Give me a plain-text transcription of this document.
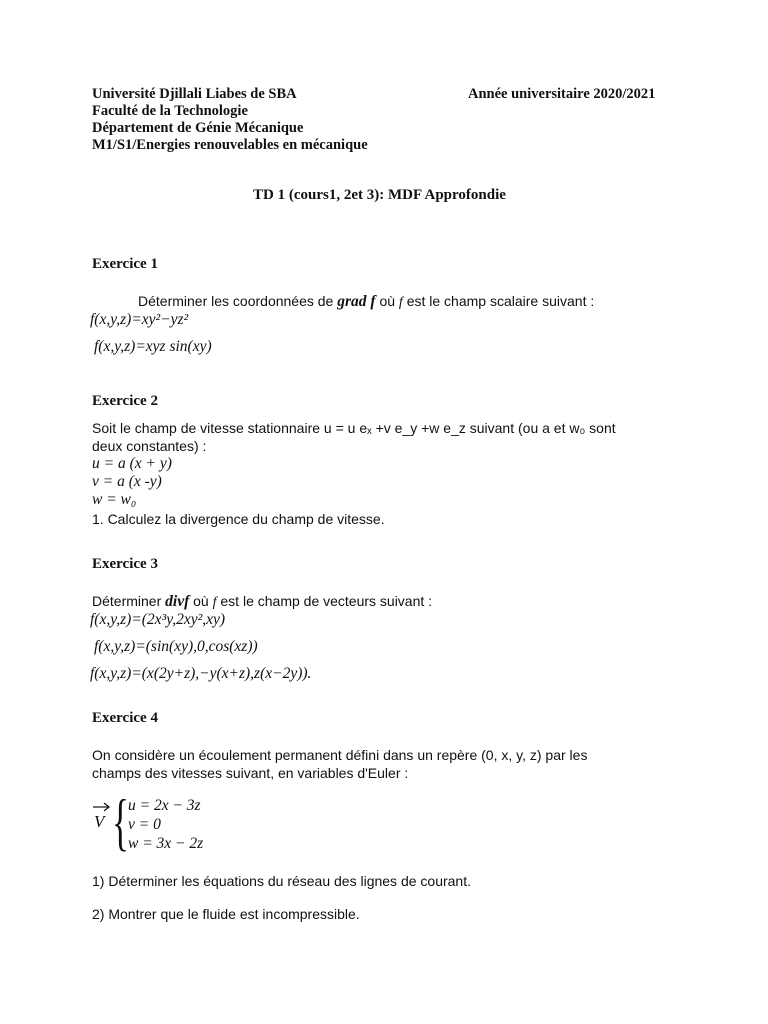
Université Djillali Liabes de SBA	Année universitaire 2020/2021
Faculté de la Technologie
Département de Génie Mécanique
M1/S1/Energies renouvelables en mécanique
TD 1 (cours1, 2et 3): MDF Approfondie
Exercice 1
Déterminer les coordonnées de grad f où f est le champ scalaire suivant :
f(x,y,z)=xy²−yz²
f(x,y,z)=xyz sin(xy)
Exercice 2
Soit le champ de vitesse stationnaire u = u eₓ +v e_y +w e_z suivant (ou a et w₀ sont
deux constantes) :
u = a (x + y)
v = a (x -y)
w = w₀
1. Calculez la divergence du champ de vitesse.
Exercice 3
Déterminer divf où f est le champ de vecteurs suivant :
f(x,y,z)=(2x³y,2xy²,xy)
f(x,y,z)=(sin(xy),0,cos(xz))
f(x,y,z)=(x(2y+z),−y(x+z),z(x−2y)).
Exercice 4
On considère un écoulement permanent défini dans un repère (0, x, y, z) par les
champs des vitesses suivant, en variables d'Euler :
V { u = 2x − 3z
v = 0
w = 3x − 2z
1) Déterminer les équations du réseau des lignes de courant.
2) Montrer que le fluide est incompressible.
